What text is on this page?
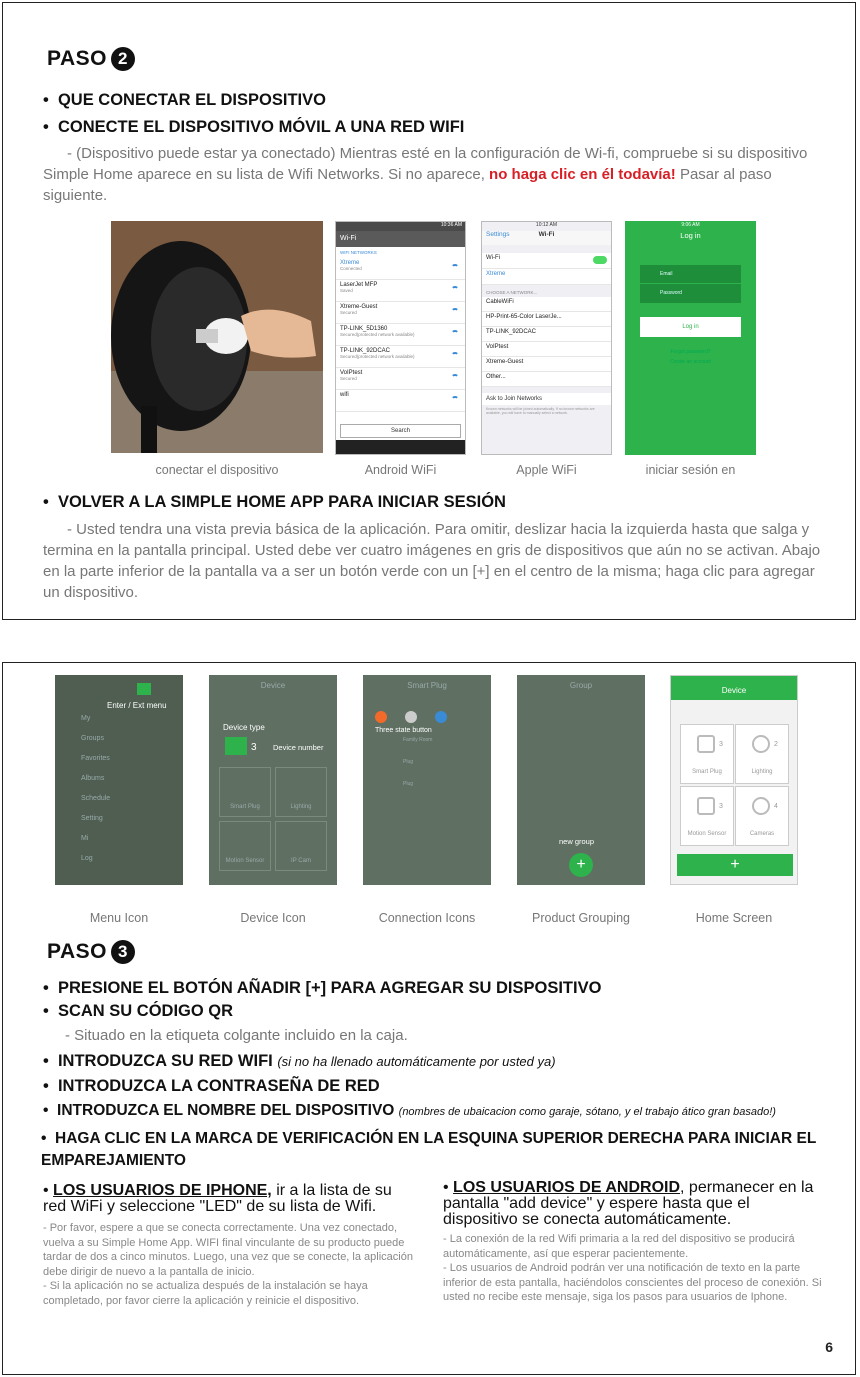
PASO 2
•  QUE CONECTAR EL DISPOSITIVO
•  CONECTE EL DISPOSITIVO MÓVIL A UNA RED WIFI
- (Dispositivo puede estar ya conectado) Mientras esté en la configuración de Wi-fi, compruebe si su dispositivo Simple Home aparece en su lista de Wifi Networks. Si no aparece, no haga clic en él todavía! Pasar al paso siguiente.
10:36 AM
Wi-Fi
WIFI NETWORKS
Xtreme
Connected
LaserJet MFP
Saved
Xtreme-Guest
Secured
TP-LINK_5D1360
Secured(protected network available)
TP-LINK_92DCAC
Secured(protected network available)
VoIPtest
Secured
wifi
Search
10:12 AM
Settings	Wi-Fi
Wi-Fi
Xtreme
CHOOSE A NETWORK...
CableWiFi
HP-Print-65-Color LaserJe...
TP-LINK_92DCAC
VoIPtest
Xtreme-Guest
Other...
Ask to Join Networks
Known networks will be joined automatically. If no known networks are available, you will have to manually select a network.
9:06 AM
Log in
Email
Password
Log in
Forgot password?
Create an account
conectar el dispositivo	Android WiFi	Apple WiFi	iniciar sesión en
•  VOLVER A LA SIMPLE HOME APP PARA INICIAR SESIÓN
- Usted tendra una vista previa básica de la aplicación. Para omitir, deslizar hacia la izquierda hasta que salga y termina en la pantalla principal. Usted debe ver cuatro imágenes en gris de dispositivos que aún no se activan. Abajo en la parte inferior de la pantalla va a ser un botón verde con un [+] en el centro de la misma; haga clic para agregar un dispositivo.
Enter / Ext menu
My
Groups
Favorites
Albums
Schedule
Setting
Mi
Log
Device
Device type
3 Device number
Smart Plug	Lighting
Motion Sensor	IP Cam
Smart Plug
Three state button
Family Room
Plug
Plug
Group
new group
+
Device
3
Smart Plug
2
Lighting
3
Motion Sensor
4
Cameras
+
Menu Icon	Device Icon	Connection Icons	Product Grouping	Home Screen
PASO 3
•  PRESIONE EL BOTÓN AÑADIR [+] PARA AGREGAR SU DISPOSITIVO
•  SCAN SU CÓDIGO QR
- Situado en la etiqueta colgante incluido en la caja.
•  INTRODUZCA SU RED WIFI (si no ha llenado automáticamente por usted ya)
•  INTRODUZCA LA CONTRASEÑA DE RED
•  INTRODUZCA EL NOMBRE DEL DISPOSITIVO (nombres de ubaicacion como garaje, sótano, y el trabajo ático gran basado!)
•  HAGA CLIC EN LA MARCA DE VERIFICACIÓN EN LA ESQUINA SUPERIOR DERECHA PARA INICIAR EL EMPAREJAMIENTO
• LOS USUARIOS DE IPHONE, ir a la lista de su red WiFi y seleccione "LED" de su lista de Wifi.
- Por favor, espere a que se conecta correctamente. Una vez conectado, vuelva a su Simple Home App. WIFI final vinculante de su producto puede tardar de dos a cinco minutos. Luego, una vez que se conecte, la aplicación debe dirigir de nuevo a la pantalla de inicio.
- Si la aplicación no se actualiza después de la instalación se haya completado, por favor cierre la aplicación y reinicie el dispositivo.
• LOS USUARIOS DE ANDROID, permanecer en la pantalla "add device" y espere hasta que el dispositivo se conecta automáticamente.
- La conexión de la red Wifi primaria a la red del dispositivo se producirá automáticamente, así que esperar pacientemente.
- Los usuarios de Android podrán ver una notificación de texto en la parte inferior de esta pantalla, haciéndolos conscientes del proceso de conexión. Si usted no recibe este mensaje, siga los pasos para usuarios de Iphone.
6
